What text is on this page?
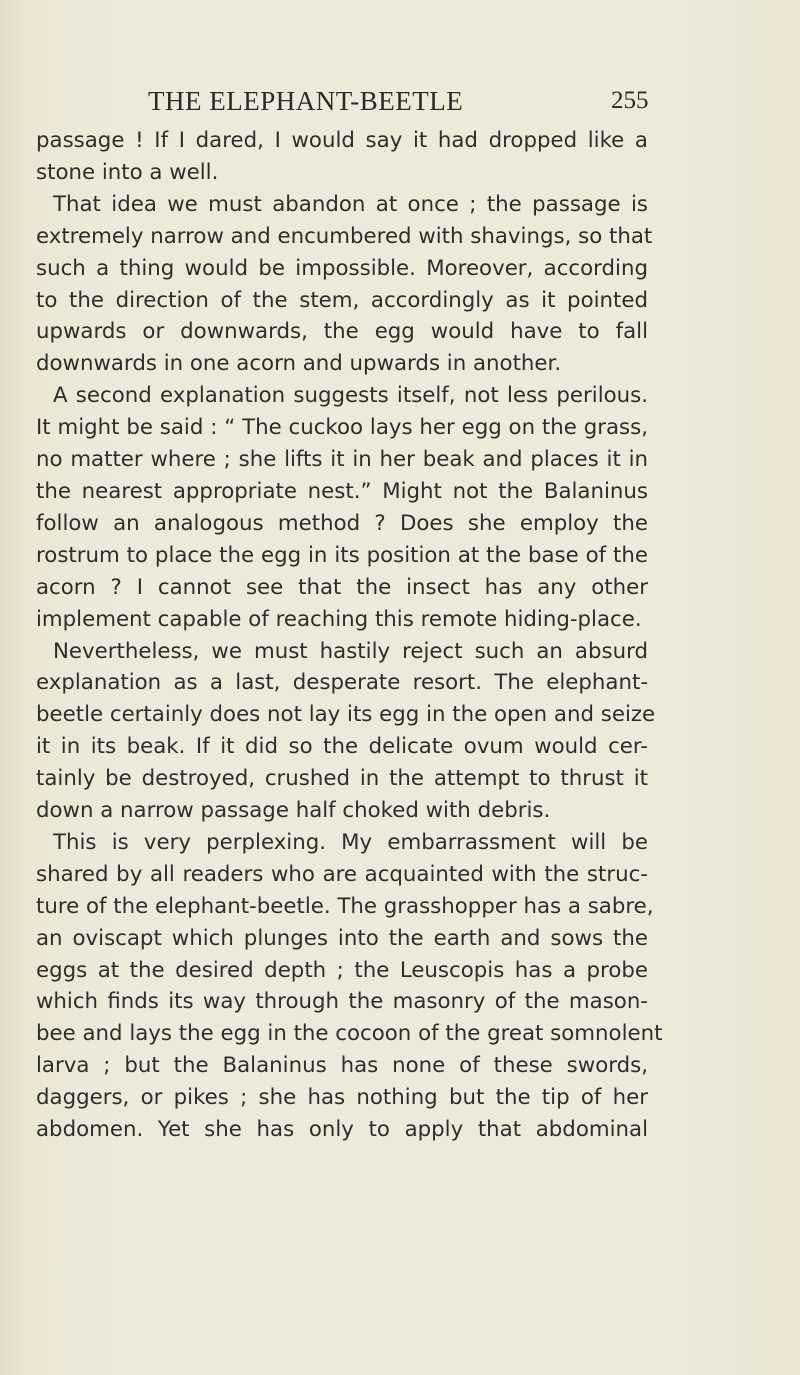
THE ELEPHANT-BEETLE	255
passage ! If I dared, I would say it had dropped like a
stone into a well.
That idea we must abandon at once ; the passage is
extremely narrow and encumbered with shavings, so that
such a thing would be impossible. Moreover, according
to the direction of the stem, accordingly as it pointed
upwards or downwards, the egg would have to fall
downwards in one acorn and upwards in another.
A second explanation suggests itself, not less perilous.
It might be said : “ The cuckoo lays her egg on the grass,
no matter where ; she lifts it in her beak and places it in
the nearest appropriate nest.” Might not the Balaninus
follow an analogous method ? Does she employ the
rostrum to place the egg in its position at the base of the
acorn ? I cannot see that the insect has any other
implement capable of reaching this remote hiding-place.
Nevertheless, we must hastily reject such an absurd
explanation as a last, desperate resort. The elephant-
beetle certainly does not lay its egg in the open and seize
it in its beak. If it did so the delicate ovum would cer-
tainly be destroyed, crushed in the attempt to thrust it
down a narrow passage half choked with debris.
This is very perplexing. My embarrassment will be
shared by all readers who are acquainted with the struc-
ture of the elephant-beetle. The grasshopper has a sabre,
an oviscapt which plunges into the earth and sows the
eggs at the desired depth ; the Leuscopis has a probe
which finds its way through the masonry of the mason-
bee and lays the egg in the cocoon of the great somnolent
larva ; but the Balaninus has none of these swords,
daggers, or pikes ; she has nothing but the tip of her
abdomen. Yet she has only to apply that abdominal
